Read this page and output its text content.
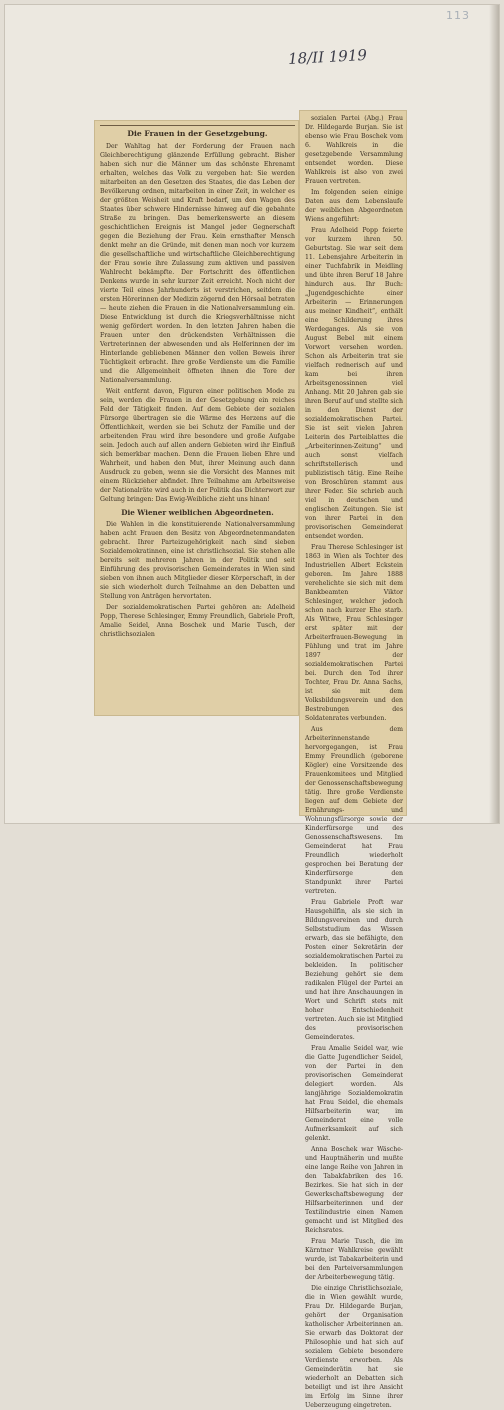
113
18/II 1919
Die Frauen in der Gesetzgebung.

Der Wahltag hat der Forderung der Frauen nach Gleichberechtigung glänzende Erfüllung gebracht. Bisher haben sich nur die Männer um das schönste Ehrenamt erhalten, welches das Volk zu vergeben hat: Sie werden mitarbeiten an den Gesetzen des Staates, die das Leben der Bevölkerung ordnen, mitarbeiten in einer Zeit, in welcher es der größten Weisheit und Kraft bedarf, um den Wagen des Staates über schwere Hindernisse hinweg auf die gebahnte Straße zu bringen. Das bemerkenswerte an diesem geschichtlichen Ereignis ist Mangel jeder Gegnerschaft gegen die Beziehung der Frau. Kein ernsthafter Mensch denkt mehr an die Gründe, mit denen man noch vor kurzem die gesellschaftliche und wirtschaftliche Gleichberechtigung der Frau sowie ihre Zulassung zum aktiven und passiven Wahlrecht bekämpfte. Der Fortschritt des öffentlichen Denkens wurde in sehr kurzer Zeit erreicht. Noch nicht der vierte Teil eines Jahrhunderts ist verstrichen, seitdem die ersten Hörerinnen der Medizin zögernd den Hörsaal betraten — heute ziehen die Frauen in die Nationalversammlung ein. Diese Entwicklung ist durch die Kriegsverhältnisse nicht wenig gefördert worden. In den letzten Jahren haben die Frauen unter den drückendsten Verhältnissen die Vertreterinnen der abwesenden und als Helferinnen der im Hinterlande gebliebenen Männer den vollen Beweis ihrer Tüchtigkeit erbracht. Ihre große Verdienste um die Familie und die Allgemeinheit öffneten ihnen die Tore der Nationalversammlung.

Weit entfernt davon, Figuren einer politischen Mode zu sein, werden die Frauen in der Gesetzgebung ein reiches Feld der Tätigkeit finden. Auf dem Gebiete der sozialen Fürsorge übertragen sie die Wärme des Herzens auf die Öffentlichkeit, werden sie bei Schutz der Familie und der arbeitenden Frau wird ihre besondere und große Aufgabe sein. Jedoch auch auf allen andern Gebieten wird ihr Einfluß sich bemerkbar machen. Denn die Frauen lieben Ehre und Wahrheit, und haben den Mut, ihrer Meinung auch dann Ausdruck zu geben, wenn sie die Vorsicht des Mannes mit einem Rückzieher abfindet. Ihre Teilnahme am Arbeitsweise der Nationalräte wird auch in der Politik das Dichterwort zur Geltung bringen: Das Ewig-Weibliche zieht uns hinan!

Die Wiener weiblichen Abgeordneten.

Die Wahlen in die konstituierende Nationalversammlung haben acht Frauen den Besitz von Abgeordnetenmandaten gebracht. Ihrer Parteizugehörigkeit nach sind sieben Sozialdemokratinnen, eine ist christlichsozial. Sie stehen alle bereits seit mehreren Jahren in der Politik und seit Einführung des provisorischen Gemeinderates in Wien sind sieben von ihnen auch Mitglieder dieser Körperschaft, in der sie sich wiederholt durch Teilnahme an den Debatten und Stellung von Anträgen hervortaten.

Der sozialdemokratischen Partei gehören an: Adelheid Popp, Therese Schlesinger, Emmy Freundlich, Gabriele Proft, Amalie Seidel, Anna Boschek und Marie Tusch, der christlichsozialen

sozialen Partei (Abg.) Frau Dr. Hildegarde Burjan. Sie ist ebenso wie Frau Boschek vom 6. Wahlkreis in die gesetzgebende Versammlung entsendet worden. Diese Wahlkreis ist also von zwei Frauen vertreten.

Im folgenden seien einige Daten aus dem Lebenslaufe der weiblichen Abgeordneten Wiens angeführt:

Frau Adelheid Popp feierte vor kurzem ihren 50. Geburtstag. Sie war seit dem 11. Lebensjahre Arbeiterin in einer Tuchfabrik in Meidling und übte ihren Beruf 18 Jahre hindurch aus. Ihr Buch: „Jugendgeschichte einer Arbeiterin — Erinnerungen aus meiner Kindheit“, enthält eine Schilderung ihres Werdeganges. Als sie von August Bebel mit einem Vorwort versehen worden. Schon als Arbeiterin trat sie vielfach rednerisch auf und kam bei ihren Arbeitsgenossinnen viel Anhang. Mit 20 Jahren gab sie ihren Beruf auf und stellte sich in den Dienst der sozialdemokratischen Partei. Sie ist seit vielen Jahren Leiterin des Parteiblattes die „Arbeiterinnen-Zeitung“ und auch sonst vielfach schriftstellerisch und publizistisch tätig. Eine Reihe von Broschüren stammt aus ihrer Feder. Sie schrieb auch viel in deutschen und englischen Zeitungen. Sie ist von ihrer Partei in den provisorischen Gemeinderat entsendet worden.

Frau Therese Schlesinger ist 1863 in Wien als Tochter des Industriellen Albert Eckstein geboren. Im Jahre 1888 verehelichte sie sich mit dem Bankbeamten Viktor Schlesinger, welcher jedoch schon nach kurzer Ehe starb. Als Witwe, Frau Schlesinger erst später mit der Arbeiterfrauen-Bewegung in Fühlung und trat im Jahre 1897 der sozialdemokratischen Partei bei. Durch den Tod ihrer Tochter, Frau Dr. Anna Sachs, ist sie mit dem Volksbildungsverein und den Bestrebungen des Soldatenrates verbunden.

Aus dem Arbeiterinnenstande hervorgegangen, ist Frau Emmy Freundlich (geborene Kögler) eine Vorsitzende des Frauenkomitees und Mitglied der Genossenschaftsbewegung tätig. Ihre große Verdienste liegen auf dem Gebiete der Ernährungs- und Wohnungsfürsorge sowie der Kinderfürsorge und des Genossenschaftswesens. Im Gemeinderat hat Frau Freundlich wiederholt gesprochen bei Beratung der Kinderfürsorge den Standpunkt ihrer Partei vertreten.

Frau Gabriele Proft war Hausgehilfin, als sie sich in Bildungsvereinen und durch Selbststudium das Wissen erwarb, das sie befähigte, den Posten einer Sekretärin der sozialdemokratischen Partei zu bekleiden. In politischer Beziehung gehört sie dem radikalen Flügel der Partei an und hat ihre Anschauungen in Wort und Schrift stets mit hoher Entschiedenheit vertreten. Auch sie ist Mitglied des provisorischen Gemeinderates.

Frau Amalie Seidel war, wie die Gatte Jugendlicher Seidel, von der Partei in den provisorischen Gemeinderat delegiert worden. Als langjährige Sozialdemokratin hat Frau Seidel, die ehemals Hilfsarbeiterin war, im Gemeinderat eine volle Aufmerksamkeit auf sich gelenkt.

Anna Boschek war Wäsche- und Hauptnäherin und mußte eine lange Reihe von Jahren in den Tabakfabriken des 16. Bezirkes. Sie hat sich in der Gewerkschaftsbewegung der Hilfsarbeiterinnen und der Textilindustrie einen Namen gemacht und ist Mitglied des Reichsrates.

Frau Marie Tusch, die im Kärntner Wahlkreise gewählt wurde, ist Tabakarbeiterin und bei den Parteiversammlungen der Arbeiterbewegung tätig.

Die einzige Christlichsoziale, die in Wien gewählt wurde, Frau Dr. Hildegarde Burjan, gehört der Organisation katholischer Arbeiterinnen an. Sie erwarb das Doktorat der Philosophie und hat sich auf sozialem Gebiete besondere Verdienste erworben. Als Gemeinderätin hat sie wiederholt an Debatten sich beteiligt und ist ihre Ansicht im Erfolg im Sinne ihrer Ueberzeugung eingetreten.
